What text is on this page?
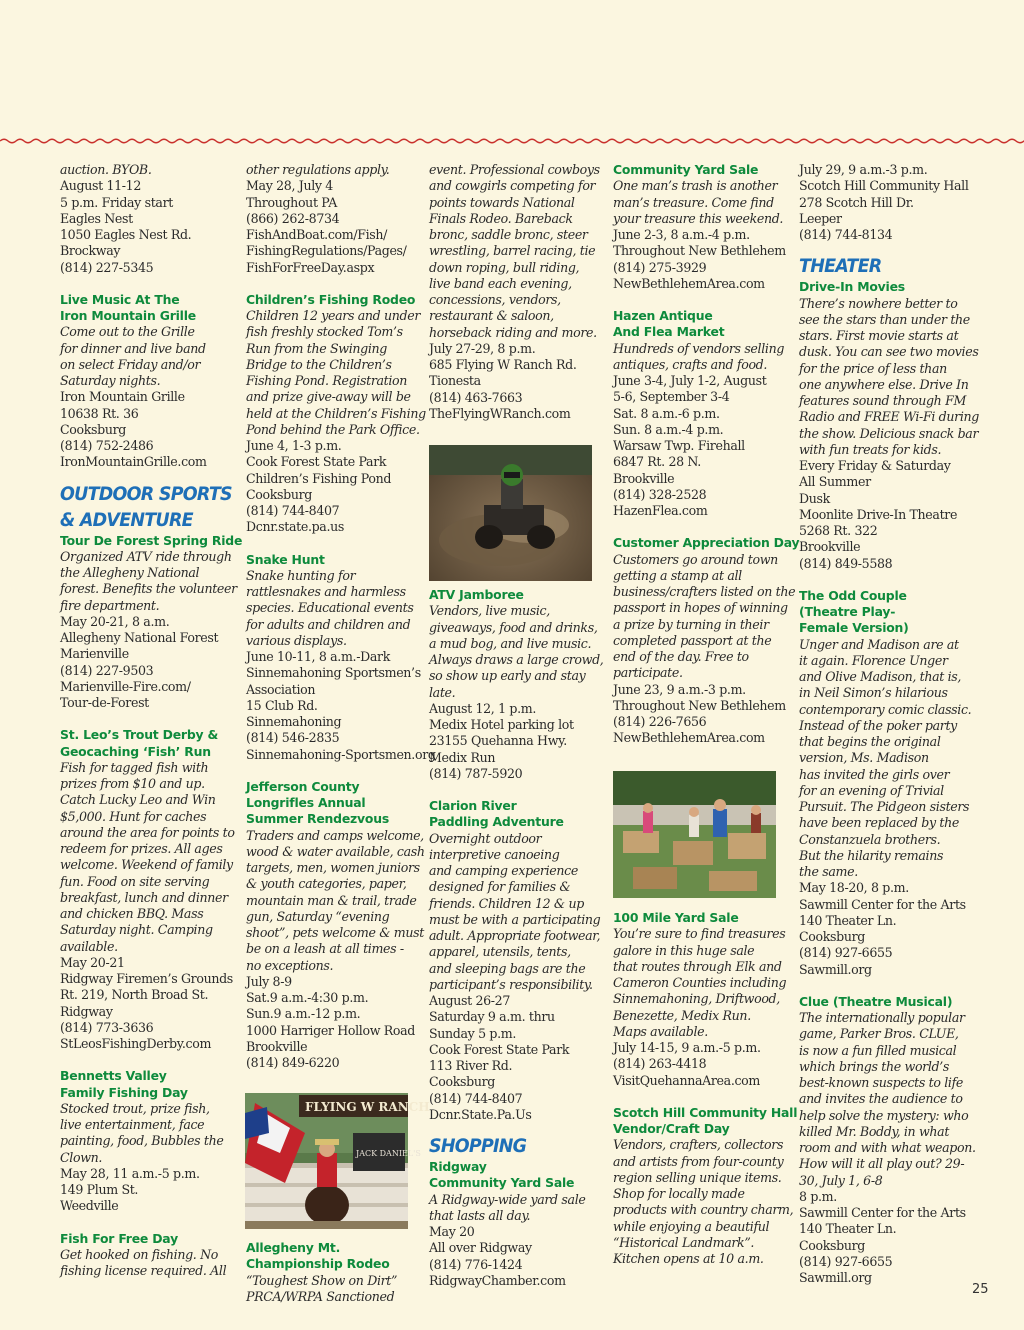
auction. BYOB.

August 11-12

5 p.m. Friday start

Eagles Nest

1050 Eagles Nest Rd.

Brockway

(814) 227-5345

Live Music At The

Iron Mountain Grille

Come out to the Grille

for dinner and live band

on select Friday and/or

Saturday nights.

Iron Mountain Grille

10638 Rt. 36

Cooksburg

(814) 752-2486

IronMountainGrille.com

OUTDOOR SPORTS

& ADVENTURE

Tour De Forest Spring Ride

Organized ATV ride through

the Allegheny National

forest. Benefits the volunteer

fire department.

May 20-21, 8 a.m.

Allegheny National Forest

Marienville

(814) 227-9503

Marienville-Fire.com/

Tour-de-Forest

St. Leo’s Trout Derby &

Geocaching ‘Fish’ Run

Fish for tagged fish with

prizes from $10 and up.

Catch Lucky Leo and Win

$5,000. Hunt for caches

around the area for points to

redeem for prizes. All ages

welcome. Weekend of family

fun. Food on site serving

breakfast, lunch and dinner

and chicken BBQ. Mass

Saturday night. Camping

available.

May 20-21

Ridgway Firemen’s Grounds

Rt. 219, North Broad St.

Ridgway

(814) 773-3636

StLeosFishingDerby.com

Bennetts Valley

Family Fishing Day

Stocked trout, prize fish,

live entertainment, face

painting, food, Bubbles the

Clown.

May 28, 11 a.m.-5 p.m.

149 Plum St.

Weedville

Fish For Free Day

Get hooked on fishing. No

fishing license required. All

other regulations apply.

May 28, July 4

Throughout PA

(866) 262-8734

FishAndBoat.com/Fish/

FishingRegulations/Pages/

FishForFreeDay.aspx

Children’s Fishing Rodeo

Children 12 years and under

fish freshly stocked Tom’s

Run from the Swinging

Bridge to the Children’s

Fishing Pond. Registration

and prize give-away will be

held at the Children’s Fishing

Pond behind the Park Office.

June 4, 1-3 p.m.

Cook Forest State Park

Children’s Fishing Pond

Cooksburg

(814) 744-8407

Dcnr.state.pa.us

Snake Hunt

Snake hunting for

rattlesnakes and harmless

species. Educational events

for adults and children and

various displays.

June 10-11, 8 a.m.-Dark

Sinnemahoning Sportsmen’s

Association

15 Club Rd.

Sinnemahoning

(814) 546-2835

Sinnemahoning-Sportsmen.org

Jefferson County

Longrifles Annual

Summer Rendezvous

Traders and camps welcome,

wood & water available, cash

targets, men, women juniors

& youth categories, paper,

mountain man & trail, trade

gun, Saturday “evening

shoot”, pets welcome & must

be on a leash at all times -

no exceptions.

July 8-9

Sat.9 a.m.-4:30 p.m.

Sun.9 a.m.-12 p.m.

1000 Harriger Hollow Road

Brookville

(814) 849-6220

Allegheny Mt.

Championship Rodeo

“Toughest Show on Dirt”

PRCA/WRPA Sanctioned

event. Professional cowboys

and cowgirls competing for

points towards National

Finals Rodeo. Bareback

bronc, saddle bronc, steer

wrestling, barrel racing, tie

down roping, bull riding,

live band each evening,

concessions, vendors,

restaurant & saloon,

horseback riding and more.

July 27-29, 8 p.m.

685 Flying W Ranch Rd.

Tionesta

(814) 463-7663

TheFlyingWRanch.com

ATV Jamboree

Vendors, live music,

giveaways, food and drinks,

a mud bog, and live music.

Always draws a large crowd,

so show up early and stay

late.

August 12, 1 p.m.

Medix Hotel parking lot

23155 Quehanna Hwy.

Medix Run

(814) 787-5920

Clarion River

Paddling Adventure

Overnight outdoor

interpretive canoeing

and camping experience

designed for families &

friends. Children 12 & up

must be with a participating

adult. Appropriate footwear,

apparel, utensils, tents,

and sleeping bags are the

participant’s responsibility.

August 26-27

Saturday 9 a.m. thru

Sunday 5 p.m.

Cook Forest State Park

113 River Rd.

Cooksburg

(814) 744-8407

Dcnr.State.Pa.Us

SHOPPING

Ridgway

Community Yard Sale

A Ridgway-wide yard sale

that lasts all day.

May 20

All over Ridgway

(814) 776-1424

RidgwayChamber.com

Community Yard Sale

One man’s trash is another

man’s treasure. Come find

your treasure this weekend.

June 2-3, 8 a.m.-4 p.m.

Throughout New Bethlehem

(814) 275-3929

NewBethlehemArea.com

Hazen Antique

And Flea Market

Hundreds of vendors selling

antiques, crafts and food.

June 3-4, July 1-2, August

5-6, September 3-4

Sat. 8 a.m.-6 p.m.

Sun. 8 a.m.-4 p.m.

Warsaw Twp. Firehall

6847 Rt. 28 N.

Brookville

(814) 328-2528

HazenFlea.com

Customer Appreciation Day

Customers go around town

getting a stamp at all

business/crafters listed on the

passport in hopes of winning

a prize by turning in their

completed passport at the

end of the day. Free to

participate.

June 23, 9 a.m.-3 p.m.

Throughout New Bethlehem

(814) 226-7656

NewBethlehemArea.com

100 Mile Yard Sale

You’re sure to find treasures

galore in this huge sale

that routes through Elk and

Cameron Counties including

Sinnemahoning, Driftwood,

Benezette, Medix Run.

Maps available.

July 14-15, 9 a.m.-5 p.m.

(814) 263-4418

VisitQuehannaArea.com

Scotch Hill Community Hall

Vendor/Craft Day

Vendors, crafters, collectors

and artists from four-county

region selling unique items.

Shop for locally made

products with country charm,

while enjoying a beautiful

“Historical Landmark”.

Kitchen opens at 10 a.m.

July 29, 9 a.m.-3 p.m.

Scotch Hill Community Hall

278 Scotch Hill Dr.

Leeper

(814) 744-8134

THEATER

Drive-In Movies

There’s nowhere better to

see the stars than under the

stars. First movie starts at

dusk. You can see two movies

for the price of less than

one anywhere else. Drive In

features sound through FM

Radio and FREE Wi-Fi during

the show. Delicious snack bar

with fun treats for kids.

Every Friday & Saturday

All Summer

Dusk

Moonlite Drive-In Theatre

5268 Rt. 322

Brookville

(814) 849-5588

The Odd Couple

(Theatre Play-

Female Version)

Unger and Madison are at

it again. Florence Unger

and Olive Madison, that is,

in Neil Simon’s hilarious

contemporary comic classic.

Instead of the poker party

that begins the original

version, Ms. Madison

has invited the girls over

for an evening of Trivial

Pursuit. The Pidgeon sisters

have been replaced by the

Constanzuela brothers.

But the hilarity remains

the same.

May 18-20, 8 p.m.

Sawmill Center for the Arts

140 Theater Ln.

Cooksburg

(814) 927-6655

Sawmill.org

Clue (Theatre Musical)

The internationally popular

game, Parker Bros. CLUE,

is now a fun filled musical

which brings the world’s

best-known suspects to life

and invites the audience to

help solve the mystery: who

killed Mr. Boddy, in what

room and with what weapon.

How will it all play out? 29-

30, July 1, 6-8

8 p.m.

Sawmill Center for the Arts

140 Theater Ln.

Cooksburg

(814) 927-6655

Sawmill.org

FLYING W RANCH
JACK DANIEL'S
25
